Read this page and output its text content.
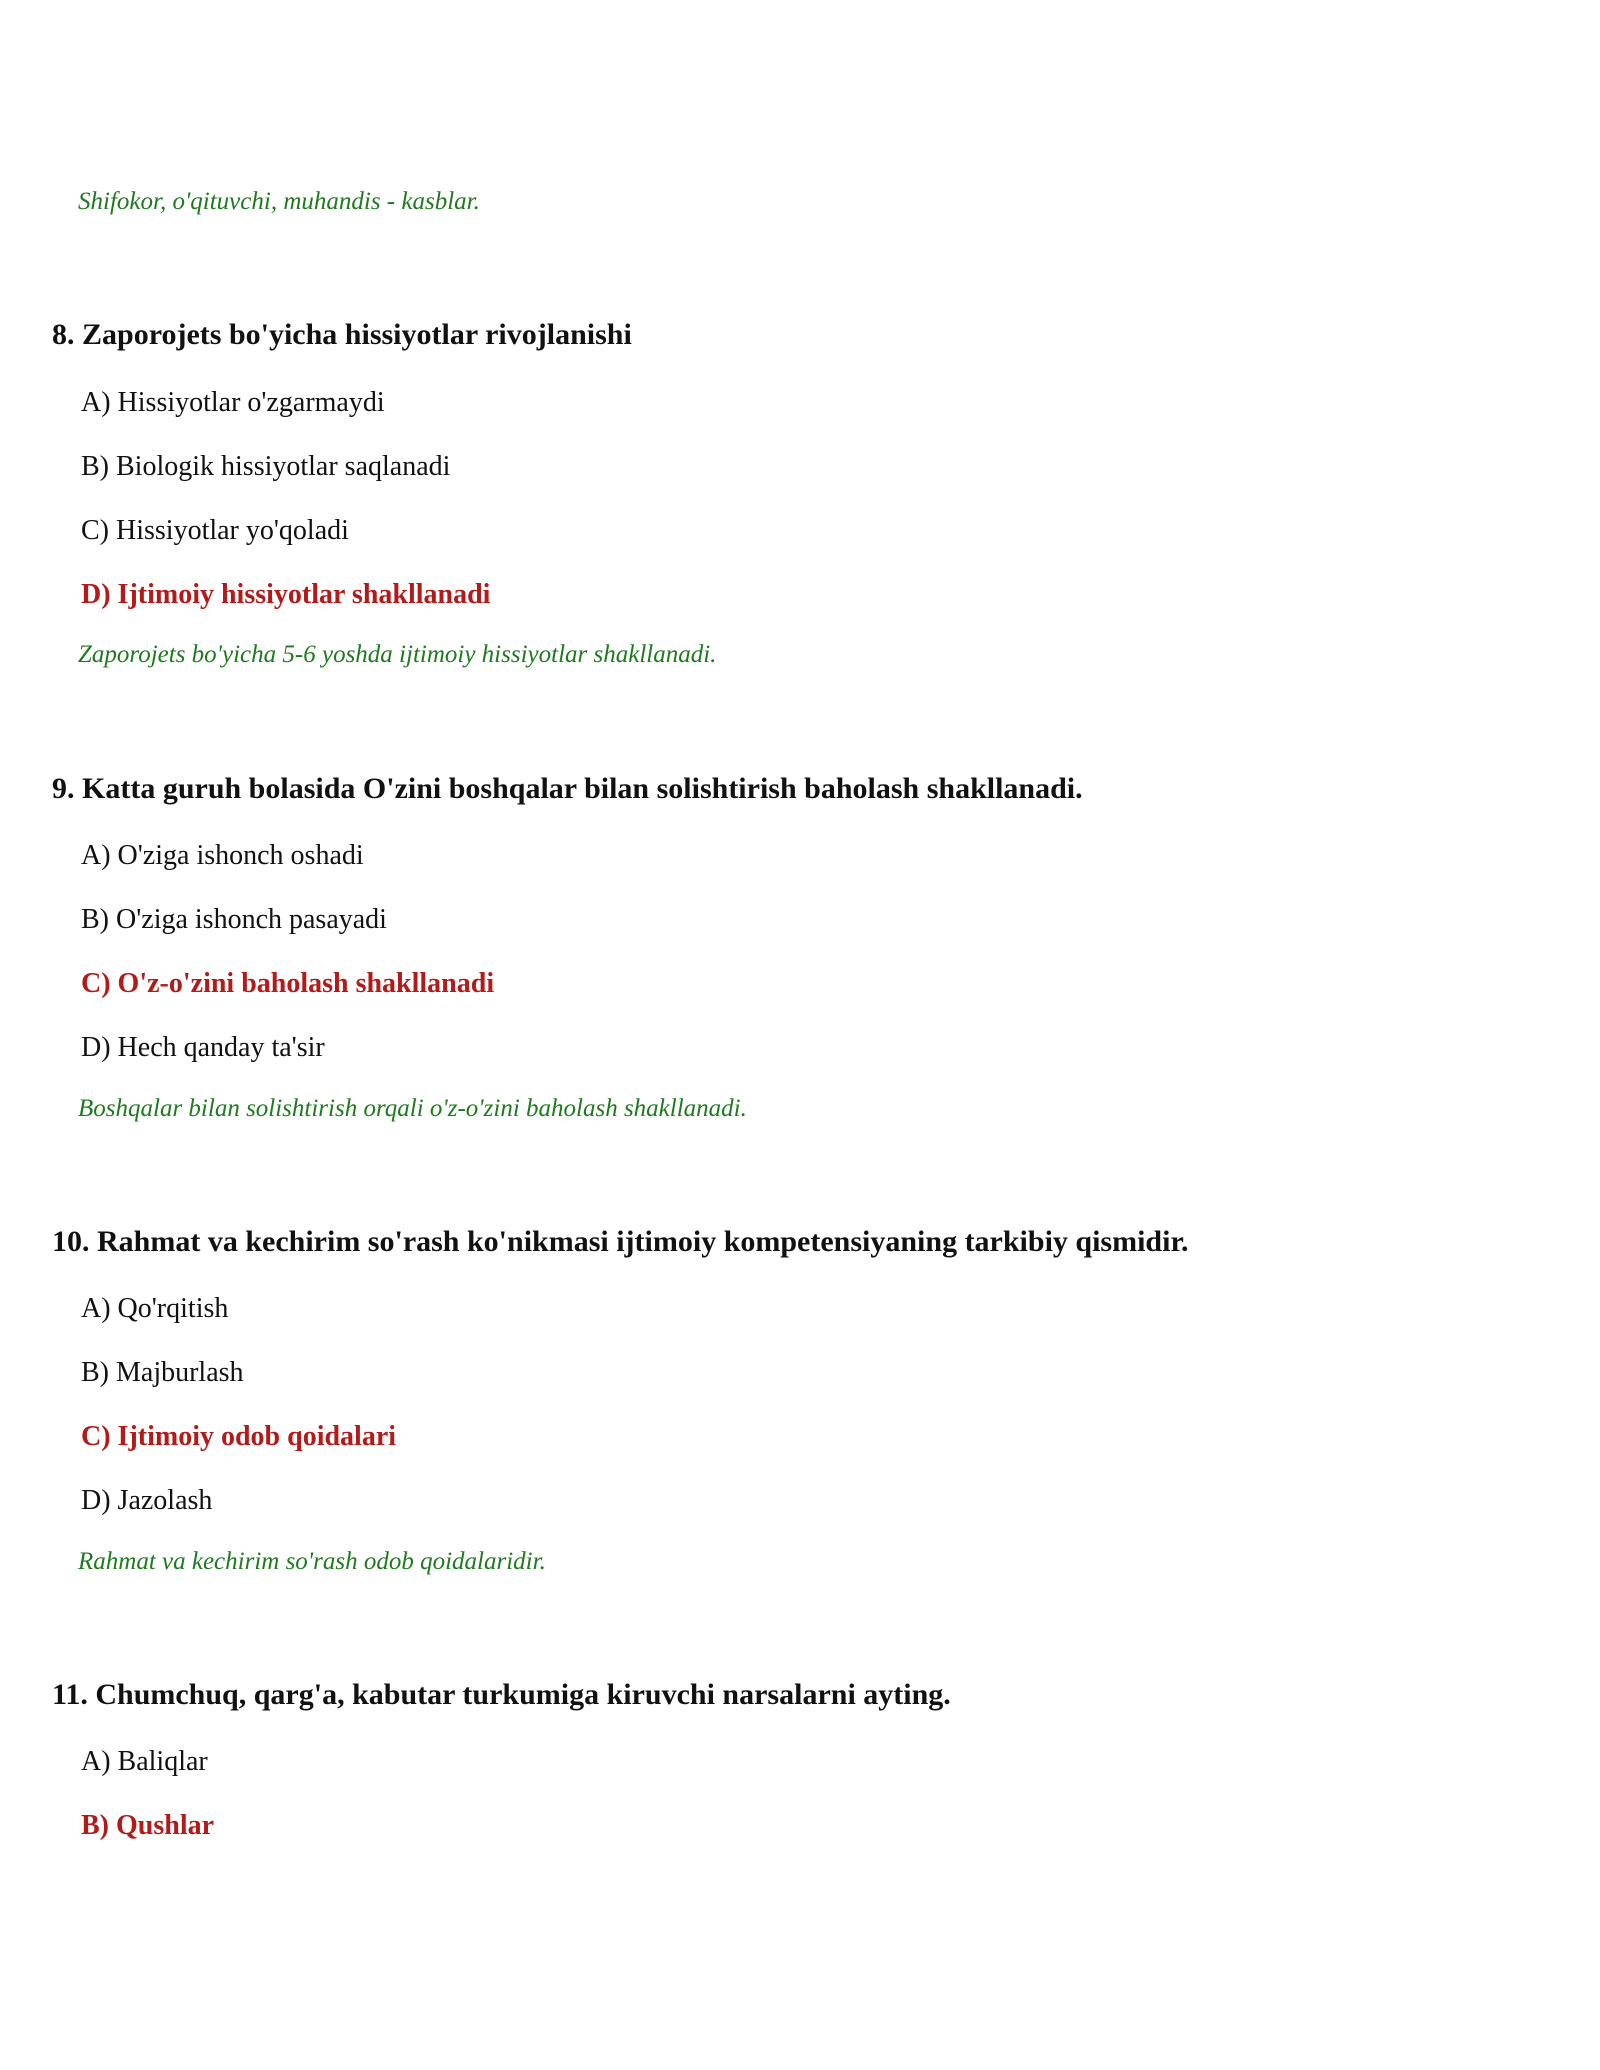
Shifokor, o'qituvchi, muhandis - kasblar.
8. Zaporojets bo'yicha hissiyotlar rivojlanishi
A) Hissiyotlar o'zgarmaydi
B) Biologik hissiyotlar saqlanadi
C) Hissiyotlar yo'qoladi
D) Ijtimoiy hissiyotlar shakllanadi
Zaporojets bo'yicha 5-6 yoshda ijtimoiy hissiyotlar shakllanadi.
9. Katta guruh bolasida O'zini boshqalar bilan solishtirish baholash shakllanadi.
A) O'ziga ishonch oshadi
B) O'ziga ishonch pasayadi
C) O'z-o'zini baholash shakllanadi
D) Hech qanday ta'sir
Boshqalar bilan solishtirish orqali o'z-o'zini baholash shakllanadi.
10. Rahmat va kechirim so'rash ko'nikmasi ijtimoiy kompetensiyaning tarkibiy qismidir.
A) Qo'rqitish
B) Majburlash
C) Ijtimoiy odob qoidalari
D) Jazolash
Rahmat va kechirim so'rash odob qoidalaridir.
11. Chumchuq, qarg'a, kabutar turkumiga kiruvchi narsalarni ayting.
A) Baliqlar
B) Qushlar
